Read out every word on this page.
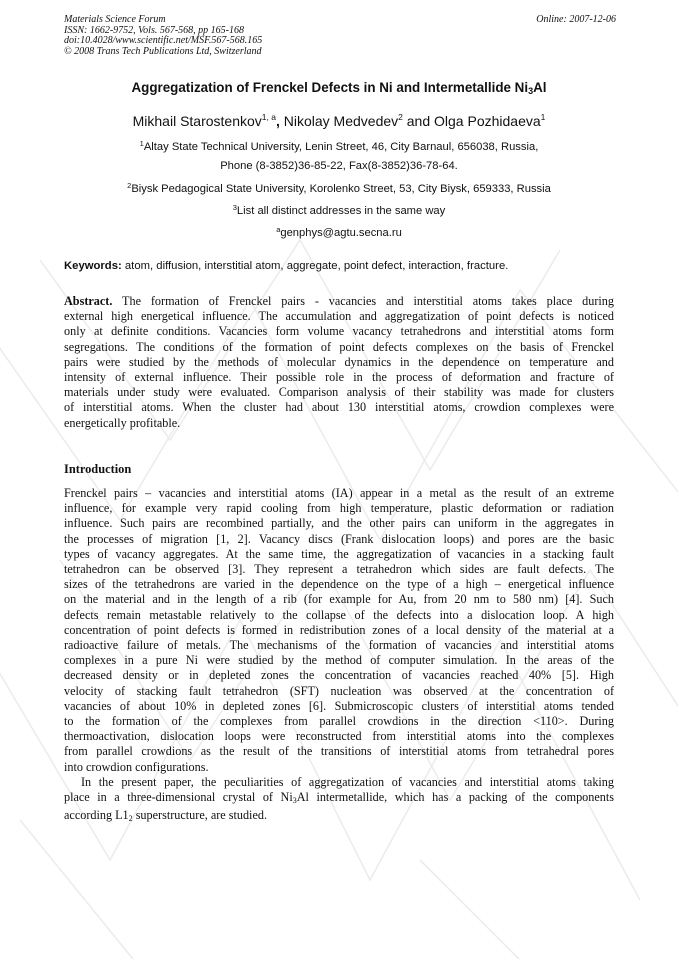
Materials Science Forum
ISSN: 1662-9752, Vols. 567-568, pp 165-168
doi:10.4028/www.scientific.net/MSF.567-568.165
© 2008 Trans Tech Publications Ltd, Switzerland
Online: 2007-12-06
Aggregatization of Frenckel Defects in Ni and Intermetallide $Ni_3Al$
Mikhail Starostenkov$^{1, a}$, Nikolay Medvedev$^2$ and Olga Pozhidaeva$^1$
$^1$Altay State Technical University, Lenin Street, 46, City Barnaul, 656038, Russia,
Phone (8-3852)36-85-22, Fax(8-3852)36-78-64.
$^2$Biysk Pedagogical State University, Korolenko Street, 53, City Biysk, 659333, Russia
$^3$List all distinct addresses in the same way
$^a$genphys@agtu.secna.ru
Keywords: atom, diffusion, interstitial atom, aggregate, point defect, interaction, fracture.
Abstract. The formation of Frenckel pairs - vacancies and interstitial atoms takes place during
external high energetical influence. The accumulation and aggregatization of point defects is noticed
only at definite conditions. Vacancies form volume vacancy tetrahedrons and interstitial atoms form
segregations. The conditions of the formation of point defects complexes on the basis of Frenckel
pairs were studied by the methods of molecular dynamics in the dependence on temperature and
intensity of external influence. Their possible role in the process of deformation and fracture of
materials under study were evaluated. Comparison analysis of their stability was made for clusters
of interstitial atoms. When the cluster had about 130 interstitial atoms, crowdion complexes were
energetically profitable.
Introduction
Frenckel pairs – vacancies and interstitial atoms (IA) appear in a metal as the result of an extreme
influence, for example very rapid cooling from high temperature, plastic deformation or radiation
influence. Such pairs are recombined partially, and the other pairs can uniform in the aggregates in
the processes of migration [1, 2]. Vacancy discs (Frank dislocation loops) and pores are the basic
types of vacancy aggregates. At the same time, the aggregatization of vacancies in a stacking fault
tetrahedron can be observed [3]. They represent a tetrahedron which sides are fault defects. The
sizes of the tetrahedrons are varied in the dependence on the type of a high – energetical influence
on the material and in the length of a rib (for example for Au, from 20 nm to 580 nm) [4]. Such
defects remain metastable relatively to the collapse of the defects into a dislocation loop. A high
concentration of point defects is formed in redistribution zones of a local density of the material at a
radioactive failure of metals. The mechanisms of the formation of vacancies and interstitial atoms
complexes in a pure Ni were studied by the method of computer simulation. In the areas of the
decreased density or in depleted zones the concentration of vacancies reached 40% [5]. High
velocity of stacking fault tetrahedron (SFT) nucleation was observed at the concentration of
vacancies of about 10% in depleted zones [6]. Submicroscopic clusters of interstitial atoms tended
to the formation of the complexes from parallel crowdions in the direction <110>. During
thermoactivation, dislocation loops were reconstructed from interstitial atoms into the complexes
from parallel crowdions as the result of the transitions of interstitial atoms from tetrahedral pores
into crowdion configurations.
In the present paper, the peculiarities of aggregatization of vacancies and interstitial atoms taking
place in a three-dimensional crystal of $Ni_3Al$ intermetallide, which has a packing of the components
according $L1_2$ superstructure, are studied.
